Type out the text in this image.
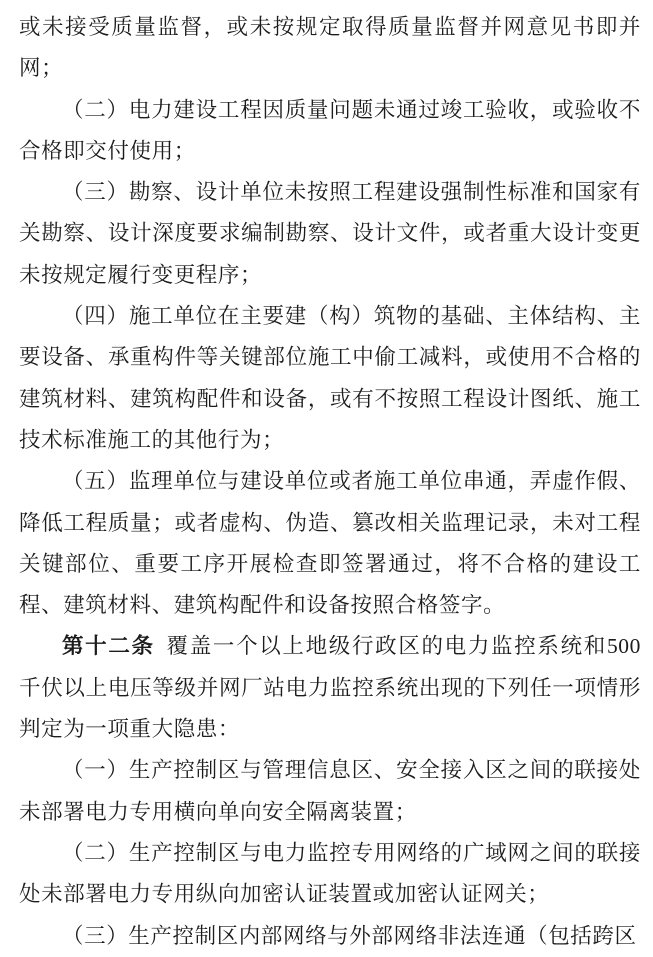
或未接受质量监督，或未按规定取得质量监督并网意见书即并网；

（二）电力建设工程因质量问题未通过竣工验收，或验收不合格即交付使用；

（三）勘察、设计单位未按照工程建设强制性标准和国家有关勘察、设计深度要求编制勘察、设计文件，或者重大设计变更未按规定履行变更程序；

（四）施工单位在主要建（构）筑物的基础、主体结构、主要设备、承重构件等关键部位施工中偷工减料，或使用不合格的建筑材料、建筑构配件和设备，或有不按照工程设计图纸、施工技术标准施工的其他行为；

（五）监理单位与建设单位或者施工单位串通，弄虚作假、降低工程质量；或者虚构、伪造、篡改相关监理记录，未对工程关键部位、重要工序开展检查即签署通过，将不合格的建设工程、建筑材料、建筑构配件和设备按照合格签字。

第十二条 覆盖一个以上地级行政区的电力监控系统和500 千伏以上电压等级并网厂站电力监控系统出现的下列任一项情形判定为一项重大隐患：

（一）生产控制区与管理信息区、安全接入区之间的联接处未部署电力专用横向单向安全隔离装置；

（二）生产控制区与电力监控专用网络的广域网之间的联接处未部署电力专用纵向加密认证装置或加密认证网关；

（三）生产控制区内部网络与外部网络非法连通（包括跨区
